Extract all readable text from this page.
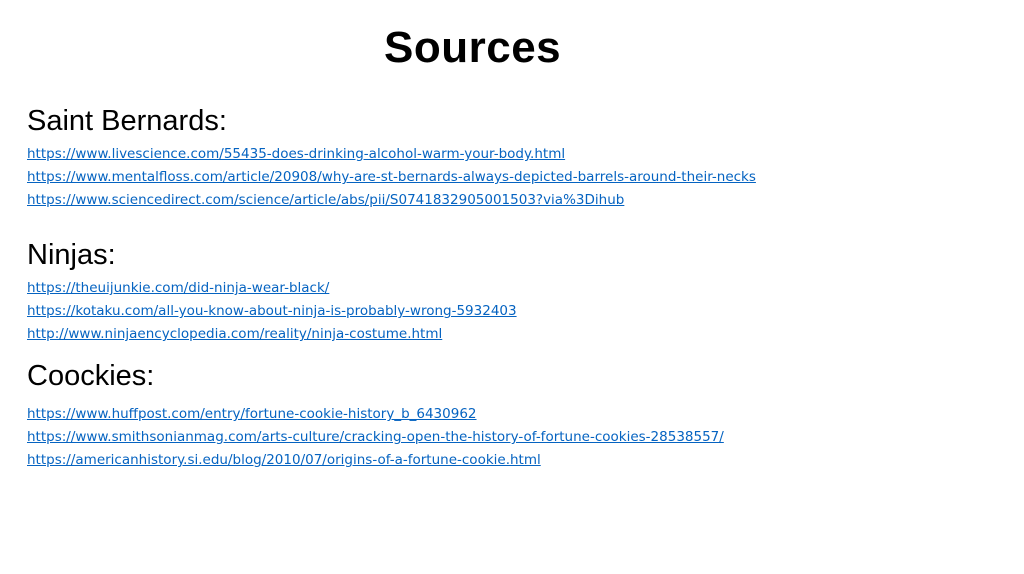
Sources
Saint Bernards:
https://www.livescience.com/55435-does-drinking-alcohol-warm-your-body.html
https://www.mentalfloss.com/article/20908/why-are-st-bernards-always-depicted-barrels-around-their-necks
https://www.sciencedirect.com/science/article/abs/pii/S0741832905001503?via%3Dihub
Ninjas:
https://theuijunkie.com/did-ninja-wear-black/
https://kotaku.com/all-you-know-about-ninja-is-probably-wrong-5932403
http://www.ninjaencyclopedia.com/reality/ninja-costume.html
Coockies:
https://www.huffpost.com/entry/fortune-cookie-history_b_6430962
https://www.smithsonianmag.com/arts-culture/cracking-open-the-history-of-fortune-cookies-28538557/
https://americanhistory.si.edu/blog/2010/07/origins-of-a-fortune-cookie.html
